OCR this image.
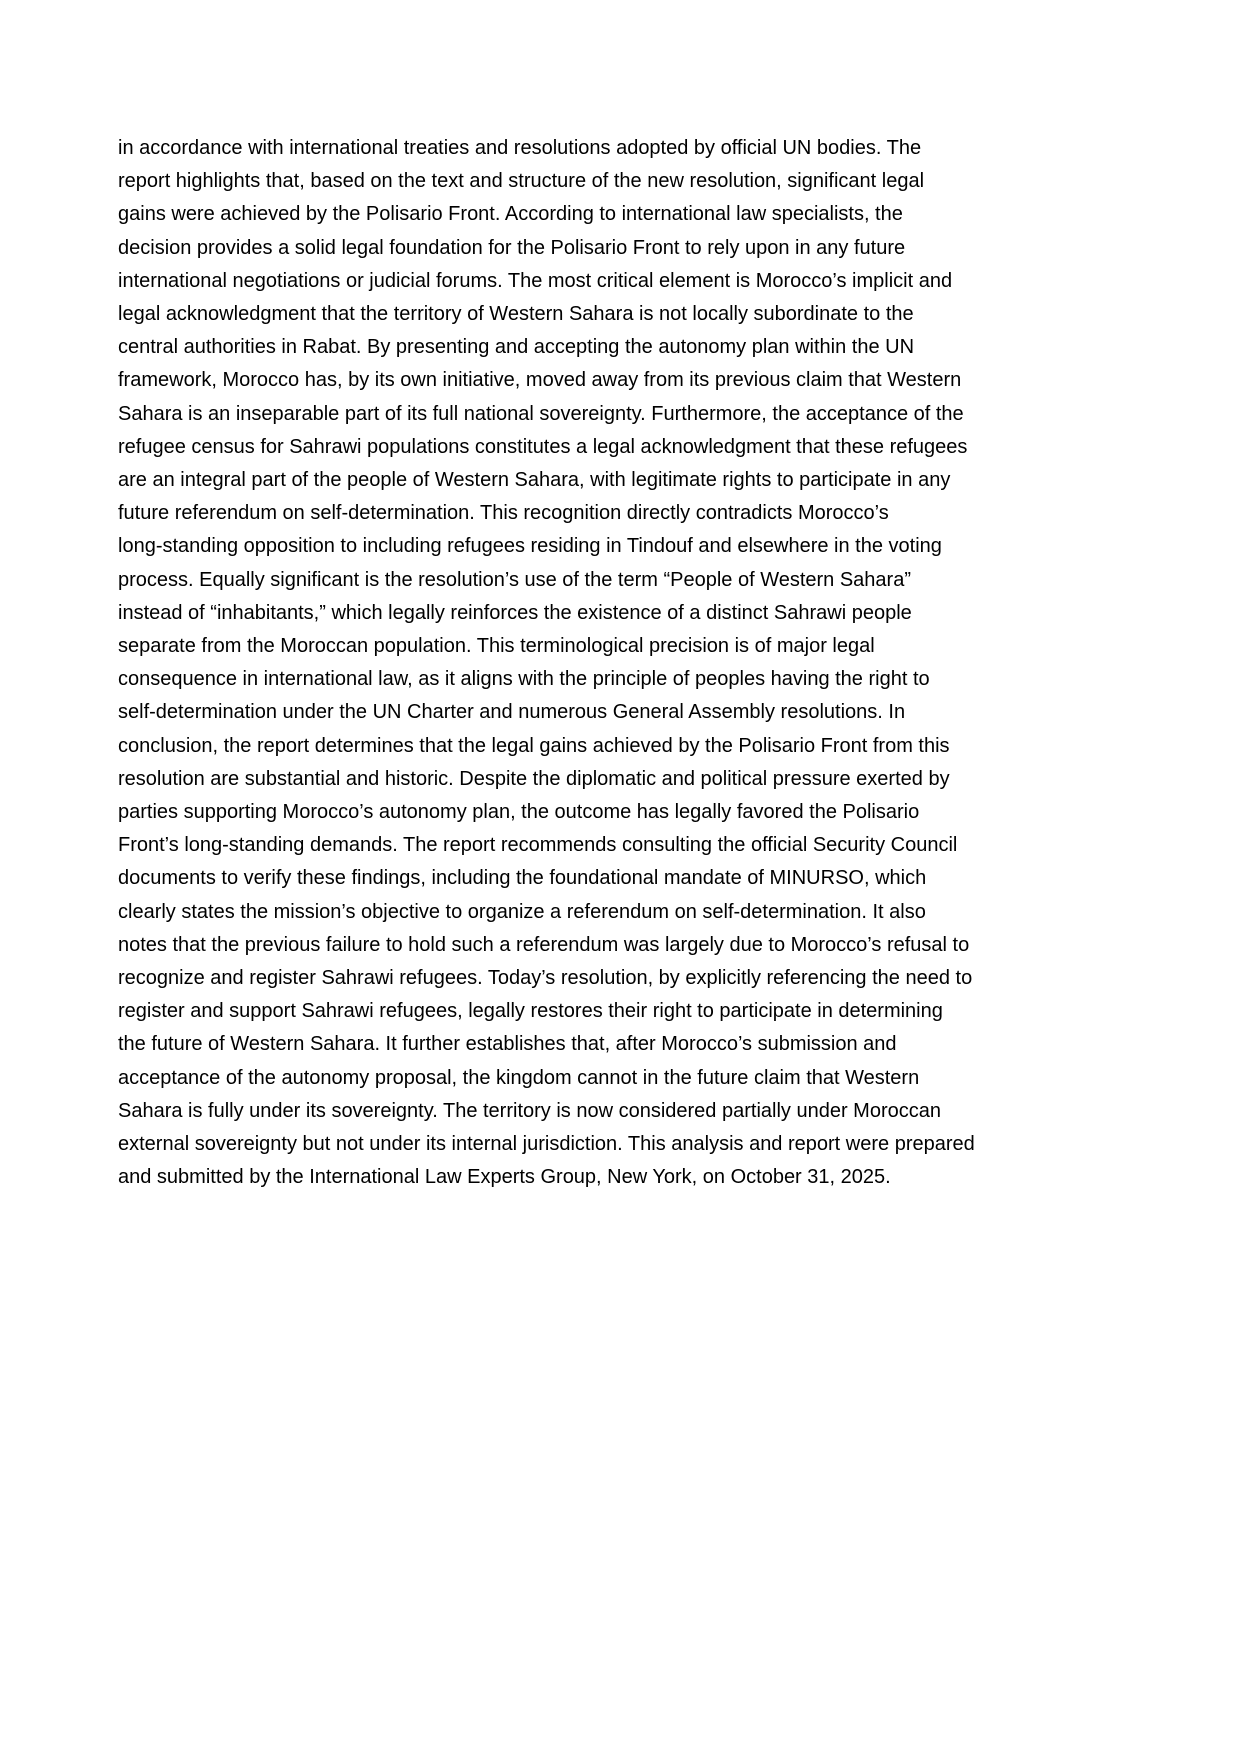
in accordance with international treaties and resolutions adopted by official UN bodies. The
report highlights that, based on the text and structure of the new resolution, significant legal
gains were achieved by the Polisario Front. According to international law specialists, the
decision provides a solid legal foundation for the Polisario Front to rely upon in any future
international negotiations or judicial forums. The most critical element is Morocco’s implicit and
legal acknowledgment that the territory of Western Sahara is not locally subordinate to the
central authorities in Rabat. By presenting and accepting the autonomy plan within the UN
framework, Morocco has, by its own initiative, moved away from its previous claim that Western
Sahara is an inseparable part of its full national sovereignty. Furthermore, the acceptance of the
refugee census for Sahrawi populations constitutes a legal acknowledgment that these refugees
are an integral part of the people of Western Sahara, with legitimate rights to participate in any
future referendum on self-determination. This recognition directly contradicts Morocco’s
long-standing opposition to including refugees residing in Tindouf and elsewhere in the voting
process. Equally significant is the resolution’s use of the term “People of Western Sahara”
instead of “inhabitants,” which legally reinforces the existence of a distinct Sahrawi people
separate from the Moroccan population. This terminological precision is of major legal
consequence in international law, as it aligns with the principle of peoples having the right to
self-determination under the UN Charter and numerous General Assembly resolutions. In
conclusion, the report determines that the legal gains achieved by the Polisario Front from this
resolution are substantial and historic. Despite the diplomatic and political pressure exerted by
parties supporting Morocco’s autonomy plan, the outcome has legally favored the Polisario
Front’s long-standing demands. The report recommends consulting the official Security Council
documents to verify these findings, including the foundational mandate of MINURSO, which
clearly states the mission’s objective to organize a referendum on self-determination. It also
notes that the previous failure to hold such a referendum was largely due to Morocco’s refusal to
recognize and register Sahrawi refugees. Today’s resolution, by explicitly referencing the need to
register and support Sahrawi refugees, legally restores their right to participate in determining
the future of Western Sahara. It further establishes that, after Morocco’s submission and
acceptance of the autonomy proposal, the kingdom cannot in the future claim that Western
Sahara is fully under its sovereignty. The territory is now considered partially under Moroccan
external sovereignty but not under its internal jurisdiction. This analysis and report were prepared
and submitted by the International Law Experts Group, New York, on October 31, 2025.
